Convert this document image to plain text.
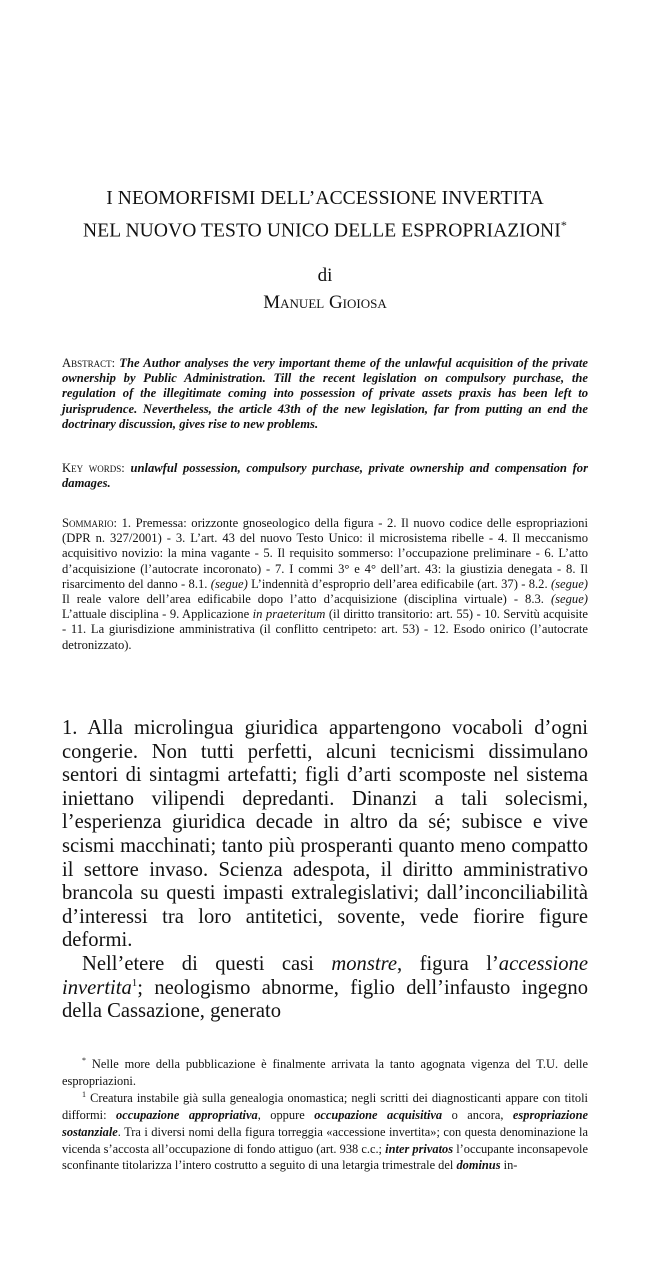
I NEOMORFISMI DELL’ACCESSIONE INVERTITA
NEL NUOVO TESTO UNICO DELLE ESPROPRIAZIONI*
di
Manuel Gioiosa
Abstract: The Author analyses the very important theme of the unlawful acquisition of the private ownership by Public Administration. Till the recent legislation on compulsory purchase, the regulation of the illegitimate coming into possession of private assets praxis has been left to jurisprudence. Nevertheless, the article 43th of the new legislation, far from putting an end the doctrinary discussion, gives rise to new problems.
Key words: unlawful possession, compulsory purchase, private ownership and compensation for damages.
Sommario: 1. Premessa: orizzonte gnoseologico della figura - 2. Il nuovo codice delle espropriazioni (DPR n. 327/2001) - 3. L’art. 43 del nuovo Testo Unico: il microsistema ribelle - 4. Il meccanismo acquisitivo novizio: la mina vagante - 5. Il requisito sommerso: l’occupazione preliminare - 6. L’atto d’acquisizione (l’autocrate incoronato) - 7. I commi 3° e 4° dell’art. 43: la giustizia denegata - 8. Il risarcimento del danno - 8.1. (segue) L’indennità d’esproprio dell’area edificabile (art. 37) - 8.2. (segue) Il reale valore dell’area edificabile dopo l’atto d’acquisizione (disciplina virtuale) - 8.3. (segue) L’attuale disciplina - 9. Applicazione in praeteritum (il diritto transitorio: art. 55) - 10. Servitù acquisite - 11. La giurisdizione amministrativa (il conflitto centripeto: art. 53) - 12. Esodo onirico (l’autocrate detronizzato).

1. Alla microlingua giuridica appartengono vocaboli d’ogni congerie. Non tutti perfetti, alcuni tecnicismi dissimulano sentori di sintagmi artefatti; figli d’arti scomposte nel sistema iniettano vilipendi depredanti. Dinanzi a tali solecismi, l’esperienza giuridica decade in altro da sé; subisce e vive scismi macchinati; tanto più prosperanti quanto meno compatto il settore invaso. Scienza adespota, il diritto amministrativo brancola su questi impasti extralegislativi; dall’inconciliabilità d’interessi tra loro antitetici, sovente, vede fiorire figure deformi.

Nell’etere di questi casi monstre, figura l’accessione invertita$^1$; neologismo abnorme, figlio dell’infausto ingegno della Cassazione, generato

* Nelle more della pubblicazione è finalmente arrivata la tanto agognata vigenza del T.U. delle espropriazioni.

$^1$ Creatura instabile già sulla genealogia onomastica; negli scritti dei diagnosticanti appare con titoli difformi: occupazione appropriativa, oppure occupazione acquisitiva o ancora, espropriazione sostanziale. Tra i diversi nomi della figura torreggia «accessione invertita»; con questa denominazione la vicenda s’accosta all’occupazione di fondo attiguo (art. 938 c.c.; inter privatos l’occupante inconsapevole sconfinante titolarizza l’intero costrutto a seguito di una letargia trimestrale del dominus in-
